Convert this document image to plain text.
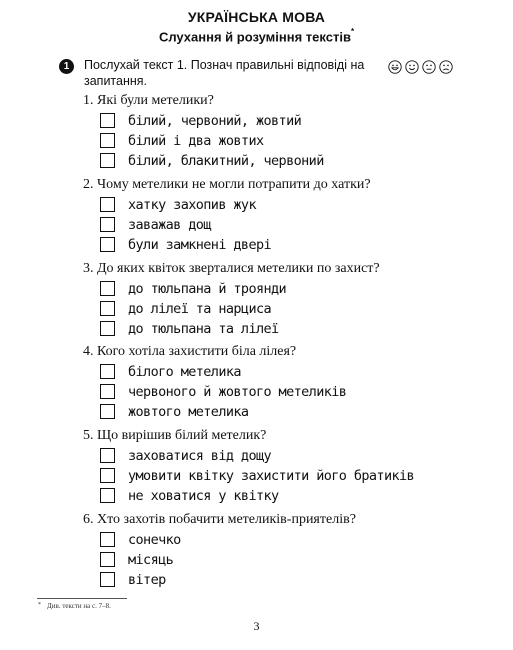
УКРАЇНСЬКА МОВА
Слухання й розуміння текстів*
1	Послухай текст 1. Познач правильні відповіді на запитання.
1. Які були метелики?
білий, червоний, жовтий
білий і два жовтих
білий, блакитний, червоний
2. Чому метелики не могли потрапити до хатки?
хатку захопив жук
заважав дощ
були замкнені двері
3. До яких квіток зверталися метелики по захист?
до тюльпана й троянди
до лілеї та нарциса
до тюльпана та лілеї
4. Кого хотіла захистити біла лілея?
білого метелика
червоного й жовтого метеликів
жовтого метелика
5. Що вирішив білий метелик?
заховатися від дощу
умовити квітку захистити його братиків
не ховатися у квітку
6. Хто захотів побачити метеликів-приятелів?
сонечко
місяць
вітер
* Див. тексти на с. 7–8.
3
